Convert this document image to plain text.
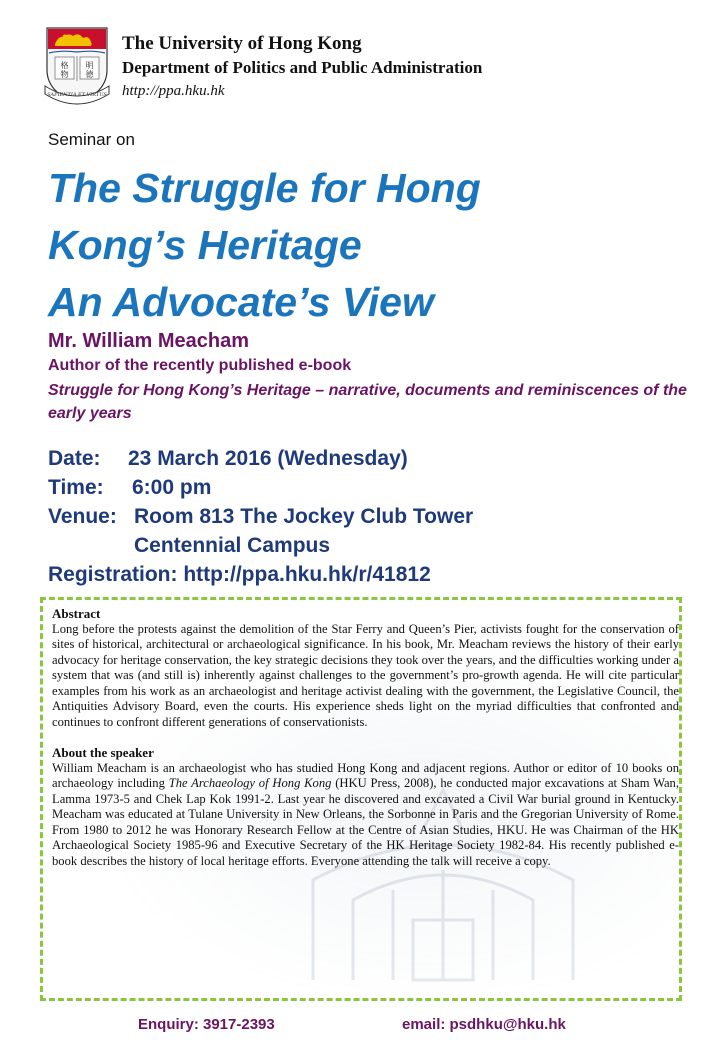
格
物
明
德
SAPIENTIA ET VIRTUS
The University of Hong Kong
Department of Politics and Public Administration
http://ppa.hku.hk
Seminar on
The Struggle for Hong
Kong’s Heritage
An Advocate’s View
Mr. William Meacham
Author of the recently published e-book
Struggle for Hong Kong’s Heritage – narrative, documents and reminiscences of the early years
Date: 23 March 2016 (Wednesday)
Time: 6:00 pm
Venue: Room 813 The Jockey Club Tower
Centennial Campus
Registration: http://ppa.hku.hk/r/41812
Abstract

Long before the protests against the demolition of the Star Ferry and Queen’s Pier, activists fought for the conservation of sites of historical, architectural or archaeological significance. In his book, Mr. Meacham reviews the history of their early advocacy for heritage conservation, the key strategic decisions they took over the years, and the difficulties working under a system that was (and still is) inherently against challenges to the government’s pro-growth agenda. He will cite particular examples from his work as an archaeologist and heritage activist dealing with the government, the Legislative Council, the Antiquities Advisory Board, even the courts. His experience sheds light on the myriad difficulties that confronted and continues to confront different generations of conservationists.

About the speaker

William Meacham is an archaeologist who has studied Hong Kong and adjacent regions. Author or editor of 10 books on archaeology including The Archaeology of Hong Kong (HKU Press, 2008), he conducted major excavations at Sham Wan, Lamma 1973-5 and Chek Lap Kok 1991-2. Last year he discovered and excavated a Civil War burial ground in Kentucky. Meacham was educated at Tulane University in New Orleans, the Sorbonne in Paris and the Gregorian University of Rome. From 1980 to 2012 he was Honorary Research Fellow at the Centre of Asian Studies, HKU. He was Chairman of the HK Archaeological Society 1985-96 and Executive Secretary of the HK Heritage Society 1982-84. His recently published e-book describes the history of local heritage efforts. Everyone attending the talk will receive a copy.

Enquiry: 3917-2393	email: psdhku@hku.hk
